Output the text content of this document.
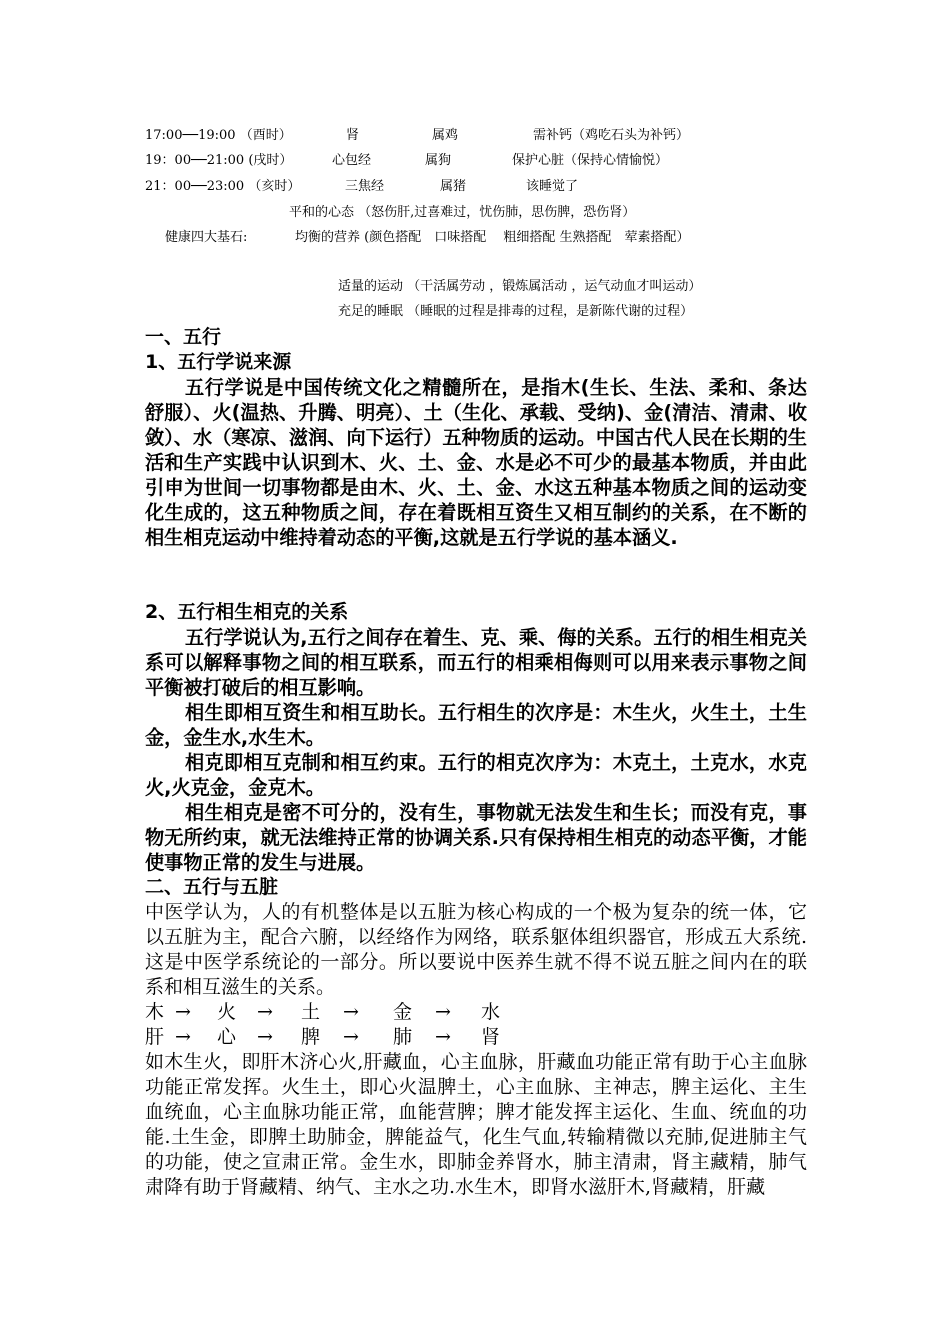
17:00──19:00 （酉时）	肾	属鸡	需补钙（鸡吃石头为补钙）
19：00──21:00 (戌时）	心包经	属狗	保护心脏（保持心情愉悦）
21：00──23:00 （亥时）	三焦经	属猪	该睡觉了
平和的心态 （怒伤肝,过喜难过，忧伤肺，思伤脾，恐伤肾）
健康四大基石:	均衡的营养 (颜色搭配　口味搭配　 粗细搭配 生熟搭配　荤素搭配）
适量的运动 （干活属劳动 ，锻炼属活动 ，运气动血才叫运动）
充足的睡眠 （睡眠的过程是排毒的过程，是新陈代谢的过程）
一、五行
1、五行学说来源

五行学说是中国传统文化之精髓所在，是指木(生长、生法、柔和、条达舒服）、火(温热、升腾、明亮）、土（生化、承载、受纳)、金(清洁、清肃、收敛）、水（寒凉、滋润、向下运行）五种物质的运动。中国古代人民在长期的生活和生产实践中认识到木、火、土、金、水是必不可少的最基本物质，并由此引申为世间一切事物都是由木、火、土、金、水这五种基本物质之间的运动变化生成的，这五种物质之间，存在着既相互资生又相互制约的关系，在不断的相生相克运动中维持着动态的平衡,这就是五行学说的基本涵义.

2、五行相生相克的关系

五行学说认为,五行之间存在着生、克、乘、侮的关系。五行的相生相克关系可以解释事物之间的相互联系，而五行的相乘相侮则可以用来表示事物之间平衡被打破后的相互影响。

相生即相互资生和相互助长。五行相生的次序是：木生火，火生土，土生金，金生水,水生木。

相克即相互克制和相互约束。五行的相克次序为：木克土，土克水，水克火,火克金，金克木。

相生相克是密不可分的，没有生，事物就无法发生和生长；而没有克，事物无所约束，就无法维持正常的协调关系.只有保持相生相克的动态平衡，才能使事物正常的发生与进展。

二、五行与五脏

中医学认为，人的有机整体是以五脏为核心构成的一个极为复杂的统一体，它以五脏为主，配合六腑，以经络作为网络，联系躯体组织器官，形成五大系统.这是中医学系统论的一部分。所以要说中医养生就不得不说五脏之间内在的联系和相互滋生的关系。

木 → 火 → 土 → 金 → 水
肝 → 心 → 脾 → 肺 → 肾

如木生火，即肝木济心火,肝藏血，心主血脉，肝藏血功能正常有助于心主血脉功能正常发挥。火生土，即心火温脾土，心主血脉、主神志，脾主运化、主生血统血，心主血脉功能正常，血能营脾；脾才能发挥主运化、生血、统血的功能.土生金，即脾土助肺金，脾能益气，化生气血,转输精微以充肺,促进肺主气的功能，使之宣肃正常。金生水，即肺金养肾水，肺主清肃，肾主藏精，肺气肃降有助于肾藏精、纳气、主水之功.水生木，即肾水滋肝木,肾藏精，肝藏
